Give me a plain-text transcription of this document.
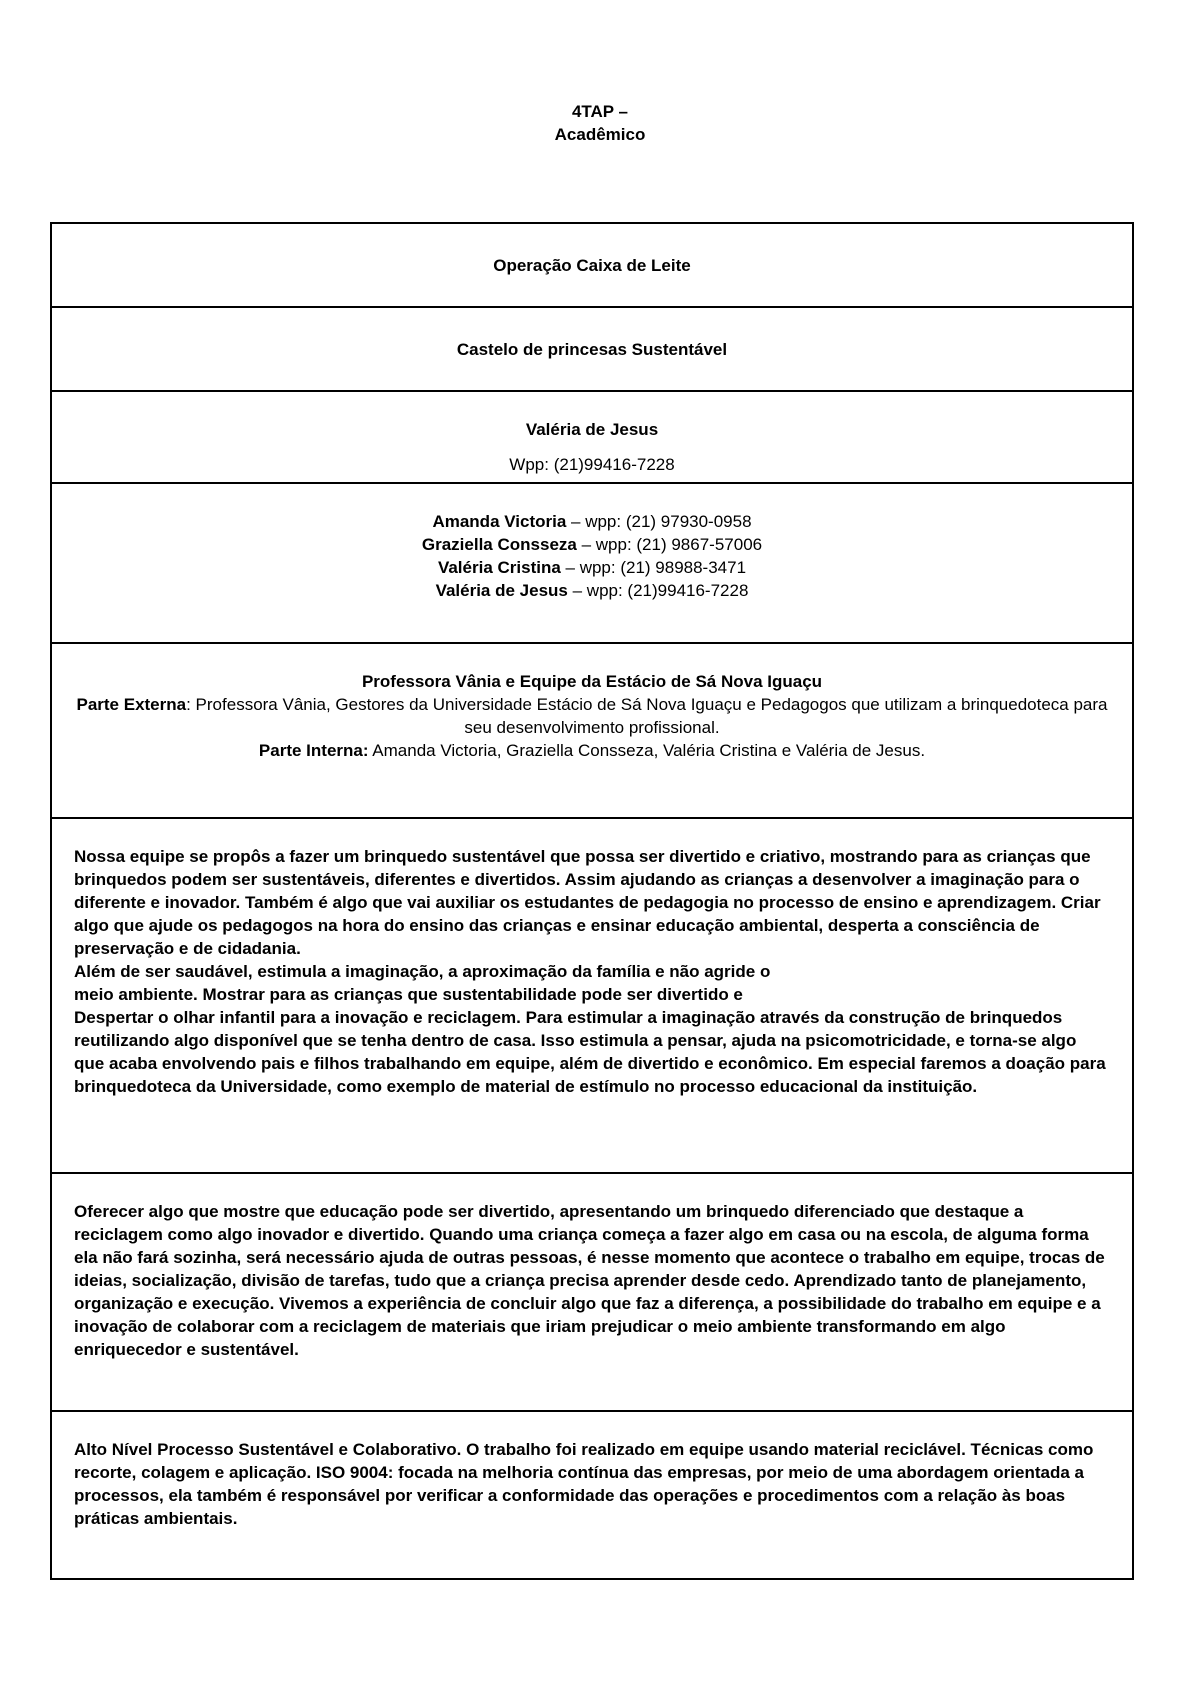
4TAP –
Acadêmico
Operação Caixa de Leite
Castelo de princesas Sustentável

Valéria de Jesus
Wpp: (21)99416-7228

Amanda Victoria – wpp: (21) 97930-0958
Graziella Consseza – wpp: (21) 9867-57006
Valéria Cristina – wpp: (21) 98988-3471
Valéria de Jesus – wpp: (21)99416-7228

Professora Vânia e Equipe da Estácio de Sá Nova Iguaçu
Parte Externa: Professora Vânia, Gestores da Universidade Estácio de Sá Nova Iguaçu e Pedagogos que utilizam a brinquedoteca para seu desenvolvimento profissional.
Parte Interna: Amanda Victoria, Graziella Consseza, Valéria Cristina e Valéria de Jesus.

Nossa equipe se propôs a fazer um brinquedo sustentável que possa ser divertido e criativo, mostrando para as crianças que brinquedos podem ser sustentáveis, diferentes e divertidos. Assim ajudando as crianças a desenvolver a imaginação para o diferente e inovador. Também é algo que vai auxiliar os estudantes de pedagogia no processo de ensino e aprendizagem. Criar algo que ajude os pedagogos na hora do ensino das crianças e ensinar educação ambiental, desperta a consciência de preservação e de cidadania.
Além de ser saudável, estimula a imaginação, a aproximação da família e não agride o
meio ambiente. Mostrar para as crianças que sustentabilidade pode ser divertido e
Despertar o olhar infantil para a inovação e reciclagem. Para estimular a imaginação através da construção de brinquedos reutilizando algo disponível que se tenha dentro de casa. Isso estimula a pensar, ajuda na psicomotricidade, e torna-se algo que acaba envolvendo pais e filhos trabalhando em equipe, além de divertido e econômico. Em especial faremos a doação para brinquedoteca da Universidade, como exemplo de material de estímulo no processo educacional da instituição.

Oferecer algo que mostre que educação pode ser divertido, apresentando um brinquedo diferenciado que destaque a reciclagem como algo inovador e divertido. Quando uma criança começa a fazer algo em casa ou na escola, de alguma forma ela não fará sozinha, será necessário ajuda de outras pessoas, é nesse momento que acontece o trabalho em equipe, trocas de ideias, socialização, divisão de tarefas, tudo que a criança precisa aprender desde cedo. Aprendizado tanto de planejamento, organização e execução. Vivemos a experiência de concluir algo que faz a diferença, a possibilidade do trabalho em equipe e a inovação de colaborar com a reciclagem de materiais que iriam prejudicar o meio ambiente transformando em algo enriquecedor e sustentável.

Alto Nível Processo Sustentável e Colaborativo. O trabalho foi realizado em equipe usando material reciclável. Técnicas como recorte, colagem e aplicação. ISO 9004: focada na melhoria contínua das empresas, por meio de uma abordagem orientada a processos, ela também é responsável por verificar a conformidade das operações e procedimentos com a relação às boas práticas ambientais.
